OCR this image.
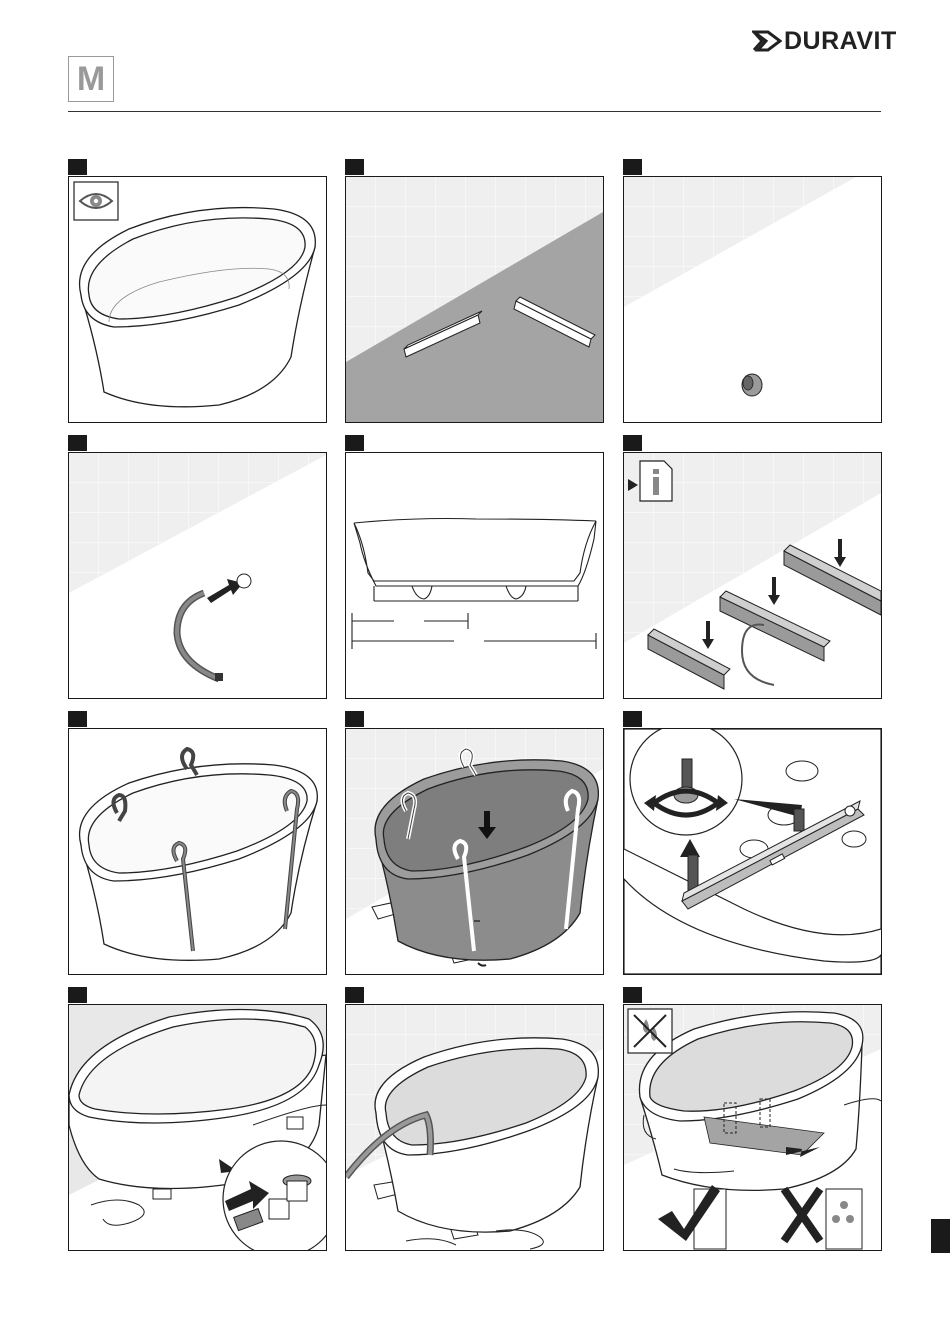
M
DURAVIT
